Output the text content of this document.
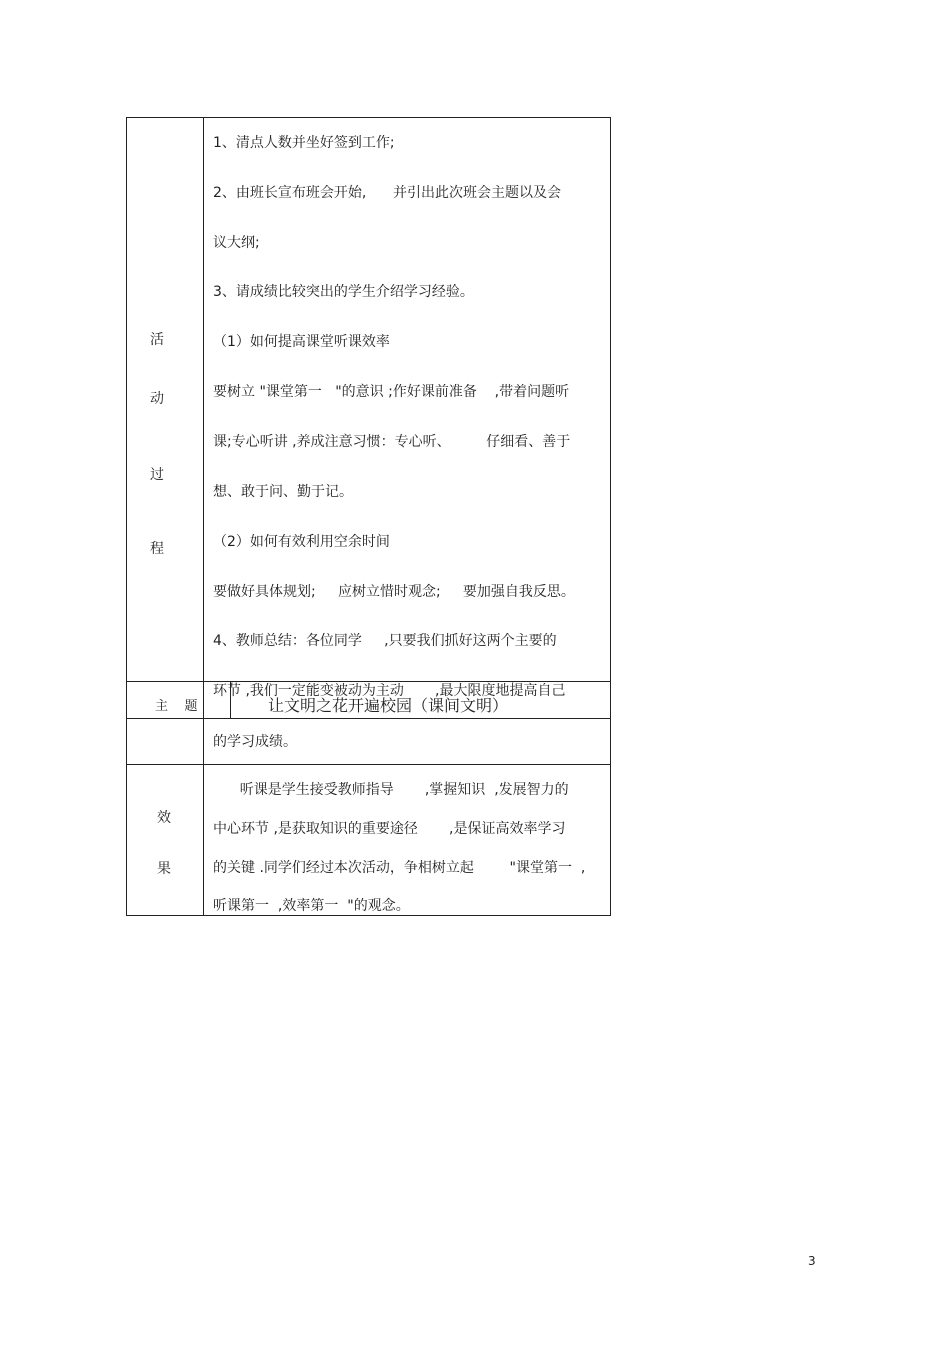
活
动
过
程
1、清点人数并坐好签到工作;
2、由班长宣布班会开始,      并引出此次班会主题以及会
议大纲;
3、请成绩比较突出的学生介绍学习经验。
（1）如何提高课堂听课效率
要树立 "课堂第一   "的意识 ;作好课前准备    ,带着问题听
课;专心听讲 ,养成注意习惯：专心听、        仔细看、善于
想、敢于问、勤于记。
（2）如何有效利用空余时间
要做好具体规划;     应树立惜时观念;     要加强自我反思。
4、教师总结：各位同学     ,只要我们抓好这两个主要的
环节 ,我们一定能变被动为主动       ,最大限度地提高自己
的学习成绩。
主    题	让文明之花开遍校园（课间文明）
效
果
听课是学生接受教师指导       ,掌握知识  ,发展智力的
中心环节 ,是获取知识的重要途径       ,是保证高效率学习
的关键 .同学们经过本次活动，争相树立起        "课堂第一  ,
听课第一  ,效率第一  "的观念。
3
